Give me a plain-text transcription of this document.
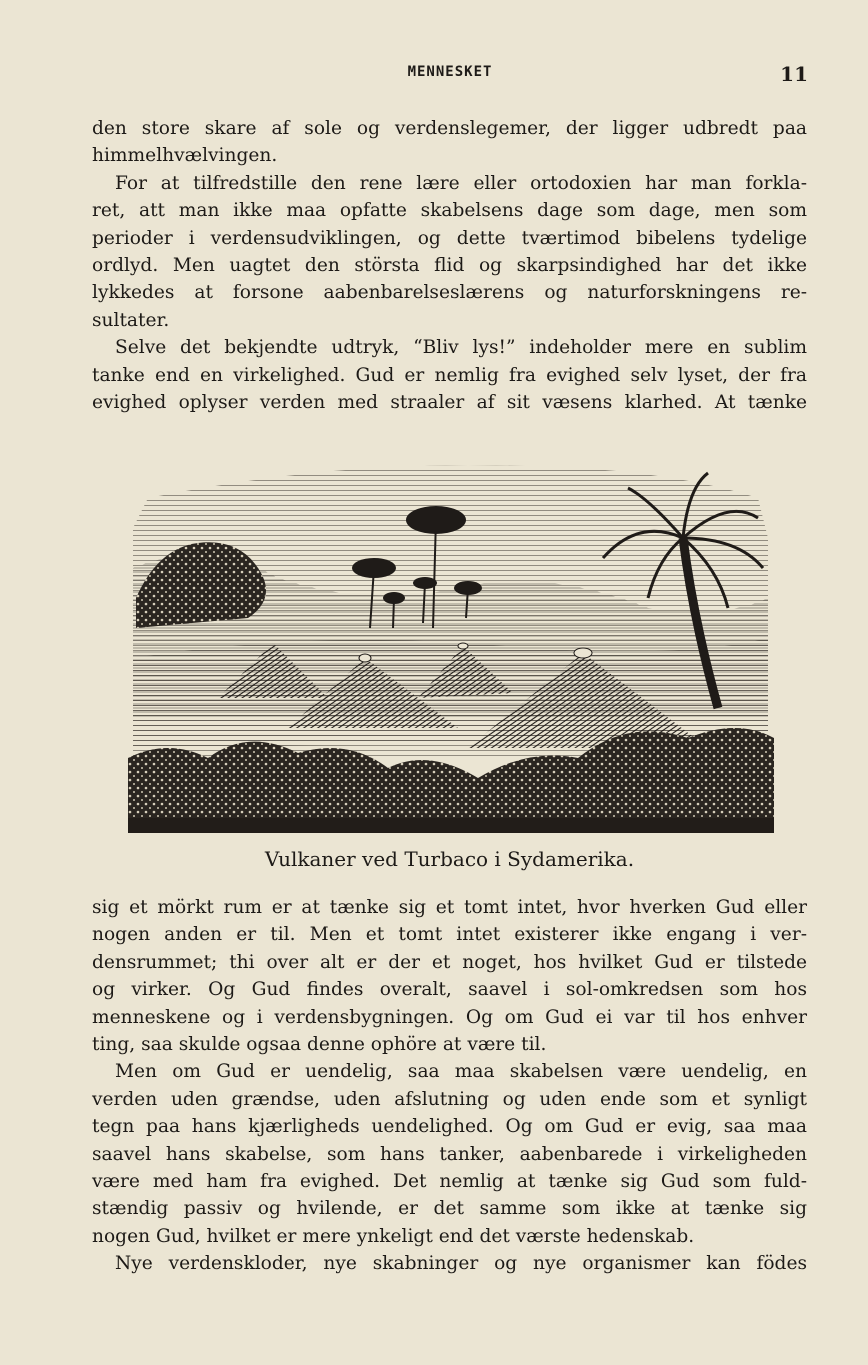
MENNESKET	11
den store skare af sole og verdenslegemer, der ligger udbredt paa
himmelhvælvingen.
For at tilfredstille den rene lære eller ortodoxien har man forkla-
ret, att man ikke maa opfatte skabelsens dage som dage, men som
perioder i verdensudviklingen, og dette tværtimod bibelens tydelige
ordlyd. Men uagtet den största flid og skarpsindighed har det ikke
lykkedes at forsone aabenbarelseslærens og naturforskningens re-
sultater.
Selve det bekjendte udtryk, “Bliv lys!” indeholder mere en sublim
tanke end en virkelighed. Gud er nemlig fra evighed selv lyset, der fra
evighed oplyser verden med straaler af sit væsens klarhed. At tænke
Vulkaner ved Turbaco i Sydamerika.
sig et mörkt rum er at tænke sig et tomt intet, hvor hverken Gud eller
nogen anden er til. Men et tomt intet existerer ikke engang i ver-
densrummet; thi over alt er der et noget, hos hvilket Gud er tilstede
og virker. Og Gud findes overalt, saavel i sol-omkredsen som hos
menneskene og i verdensbygningen. Og om Gud ei var til hos enhver
ting, saa skulde ogsaa denne ophöre at være til.
Men om Gud er uendelig, saa maa skabelsen være uendelig, en
verden uden grændse, uden afslutning og uden ende som et synligt
tegn paa hans kjærligheds uendelighed. Og om Gud er evig, saa maa
saavel hans skabelse, som hans tanker, aabenbarede i virkeligheden
være med ham fra evighed. Det nemlig at tænke sig Gud som fuld-
stændig passiv og hvilende, er det samme som ikke at tænke sig
nogen Gud, hvilket er mere ynkeligt end det værste hedenskab.
Nye verdenskloder, nye skabninger og nye organismer kan födes
